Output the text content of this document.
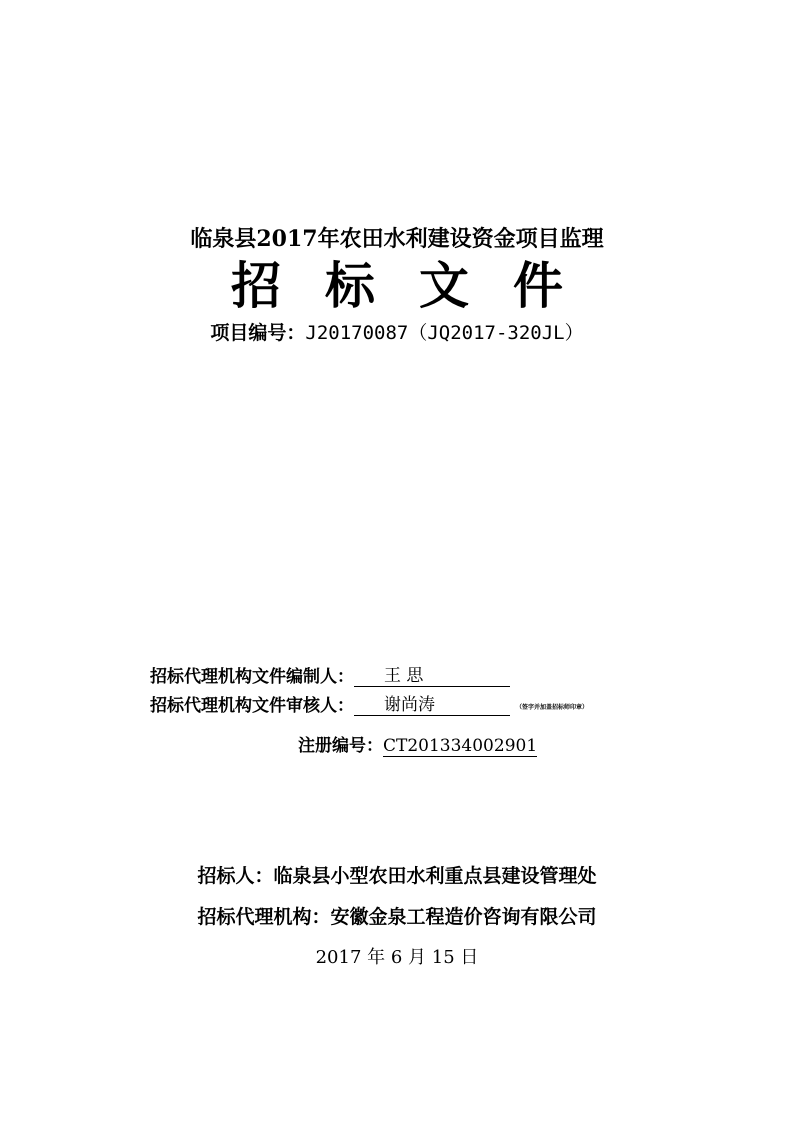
临泉县2017年农田水利建设资金项目监理
招标文件
项目编号：J20170087（JQ2017-320JL）
招标代理机构文件编制人： 王 思
招标代理机构文件审核人： 谢尚涛	（签字并加盖招标师印章）
注册编号：CT201334002901
招标人：临泉县小型农田水利重点县建设管理处
招标代理机构：安徽金泉工程造价咨询有限公司
2017 年 6 月 15 日
